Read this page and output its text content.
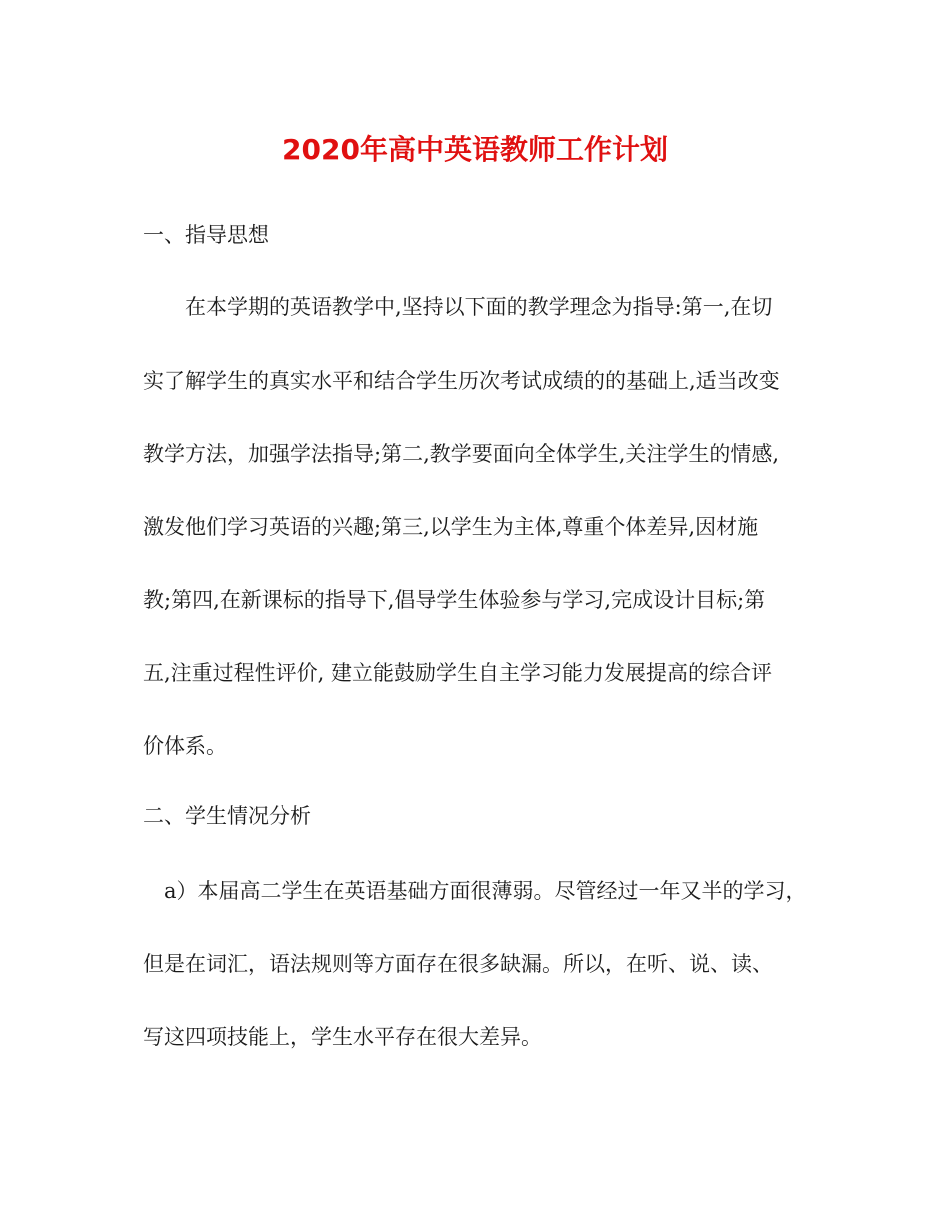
2020年高中英语教师工作计划

一、指导思想

　　在本学期的英语教学中,坚持以下面的教学理念为指导:第一,在切

实了解学生的真实水平和结合学生历次考试成绩的的基础上,适当改变

教学方法，加强学法指导;第二,教学要面向全体学生,关注学生的情感,

激发他们学习英语的兴趣;第三,以学生为主体,尊重个体差异,因材施

教;第四,在新课标的指导下,倡导学生体验参与学习,完成设计目标;第

五,注重过程性评价, 建立能鼓励学生自主学习能力发展提高的综合评

价体系。

二、学生情况分析

　a）本届高二学生在英语基础方面很薄弱。尽管经过一年又半的学习，

但是在词汇，语法规则等方面存在很多缺漏。所以，在听、说、读、

写这四项技能上，学生水平存在很大差异。
